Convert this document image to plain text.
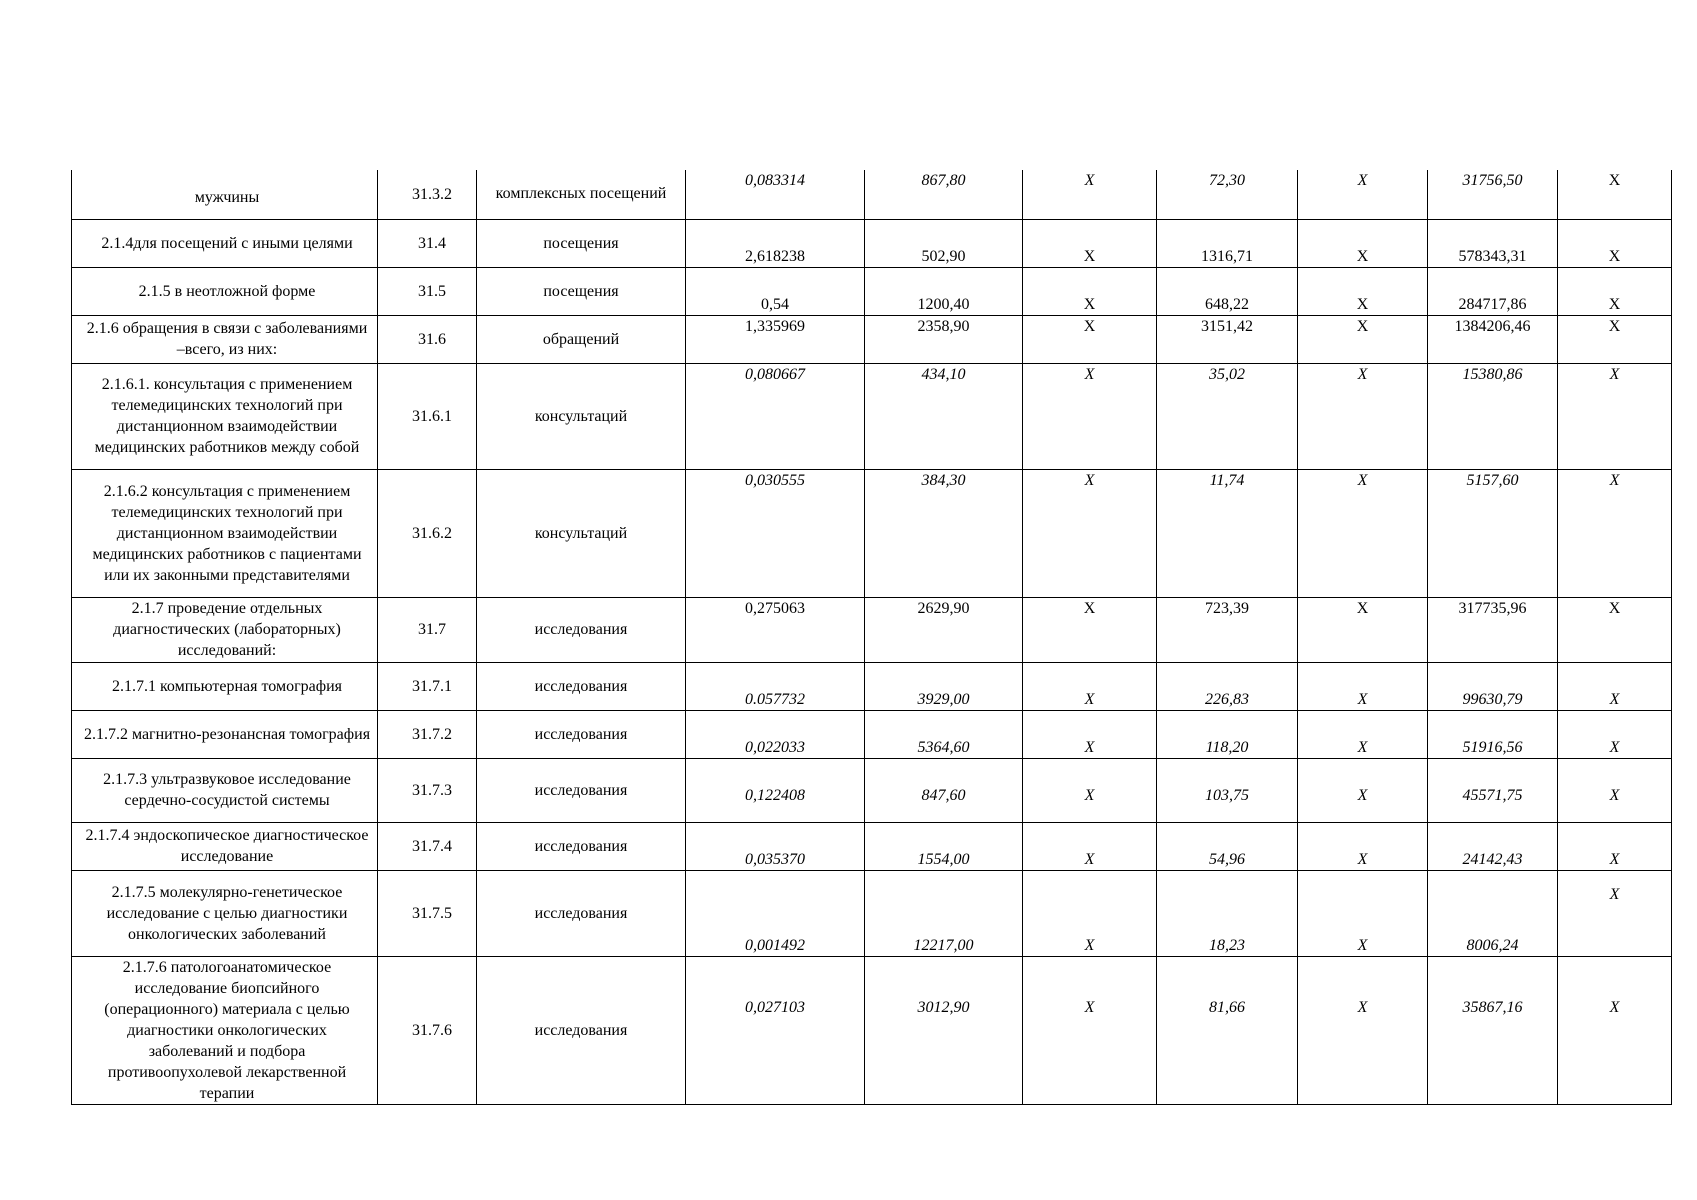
мужчины	31.3.2	комплексных посещений	0,083314	867,80	Х	72,30	Х	31756,50	Х
2.1.4для посещений с иными целями	31.4	посещения	2,618238	502,90	Х	1316,71	Х	578343,31	Х
2.1.5 в неотложной форме	31.5	посещения	0,54	1200,40	Х	648,22	Х	284717,86	Х
2.1.6 обращения в связи с заболеваниями –всего, из них:	31.6	обращений	1,335969	2358,90	Х	3151,42	Х	1384206,46	Х
2.1.6.1. консультация с применением телемедицинских технологий при дистанционном взаимодействии медицинских работников между собой	31.6.1	консультаций	0,080667	434,10	Х	35,02	Х	15380,86	Х
2.1.6.2 консультация с применением телемедицинских технологий при дистанционном взаимодействии медицинских работников с пациентами или их законными представителями	31.6.2	консультаций	0,030555	384,30	Х	11,74	Х	5157,60	Х
2.1.7 проведение отдельных диагностических (лабораторных) исследований:	31.7	исследования	0,275063	2629,90	Х	723,39	Х	317735,96	Х
2.1.7.1 компьютерная томография	31.7.1	исследования	0.057732	3929,00	Х	226,83	Х	99630,79	Х
2.1.7.2 магнитно-резонансная томография	31.7.2	исследования	0,022033	5364,60	Х	118,20	Х	51916,56	Х
2.1.7.3 ультразвуковое исследование сердечно-сосудистой системы	31.7.3	исследования	0,122408	847,60	Х	103,75	Х	45571,75	Х
2.1.7.4 эндоскопическое диагностическое исследование	31.7.4	исследования	0,035370	1554,00	Х	54,96	Х	24142,43	Х
2.1.7.5 молекулярно-генетическое исследование с целью диагностики онкологических заболеваний	31.7.5	исследования	0,001492	12217,00	Х	18,23	Х	8006,24	Х
2.1.7.6 патологоанатомическое исследование биопсийного (операционного) материала с целью диагностики онкологических заболеваний и подбора противоопухолевой лекарственной терапии	31.7.6	исследования	0,027103	3012,90	Х	81,66	Х	35867,16	Х
